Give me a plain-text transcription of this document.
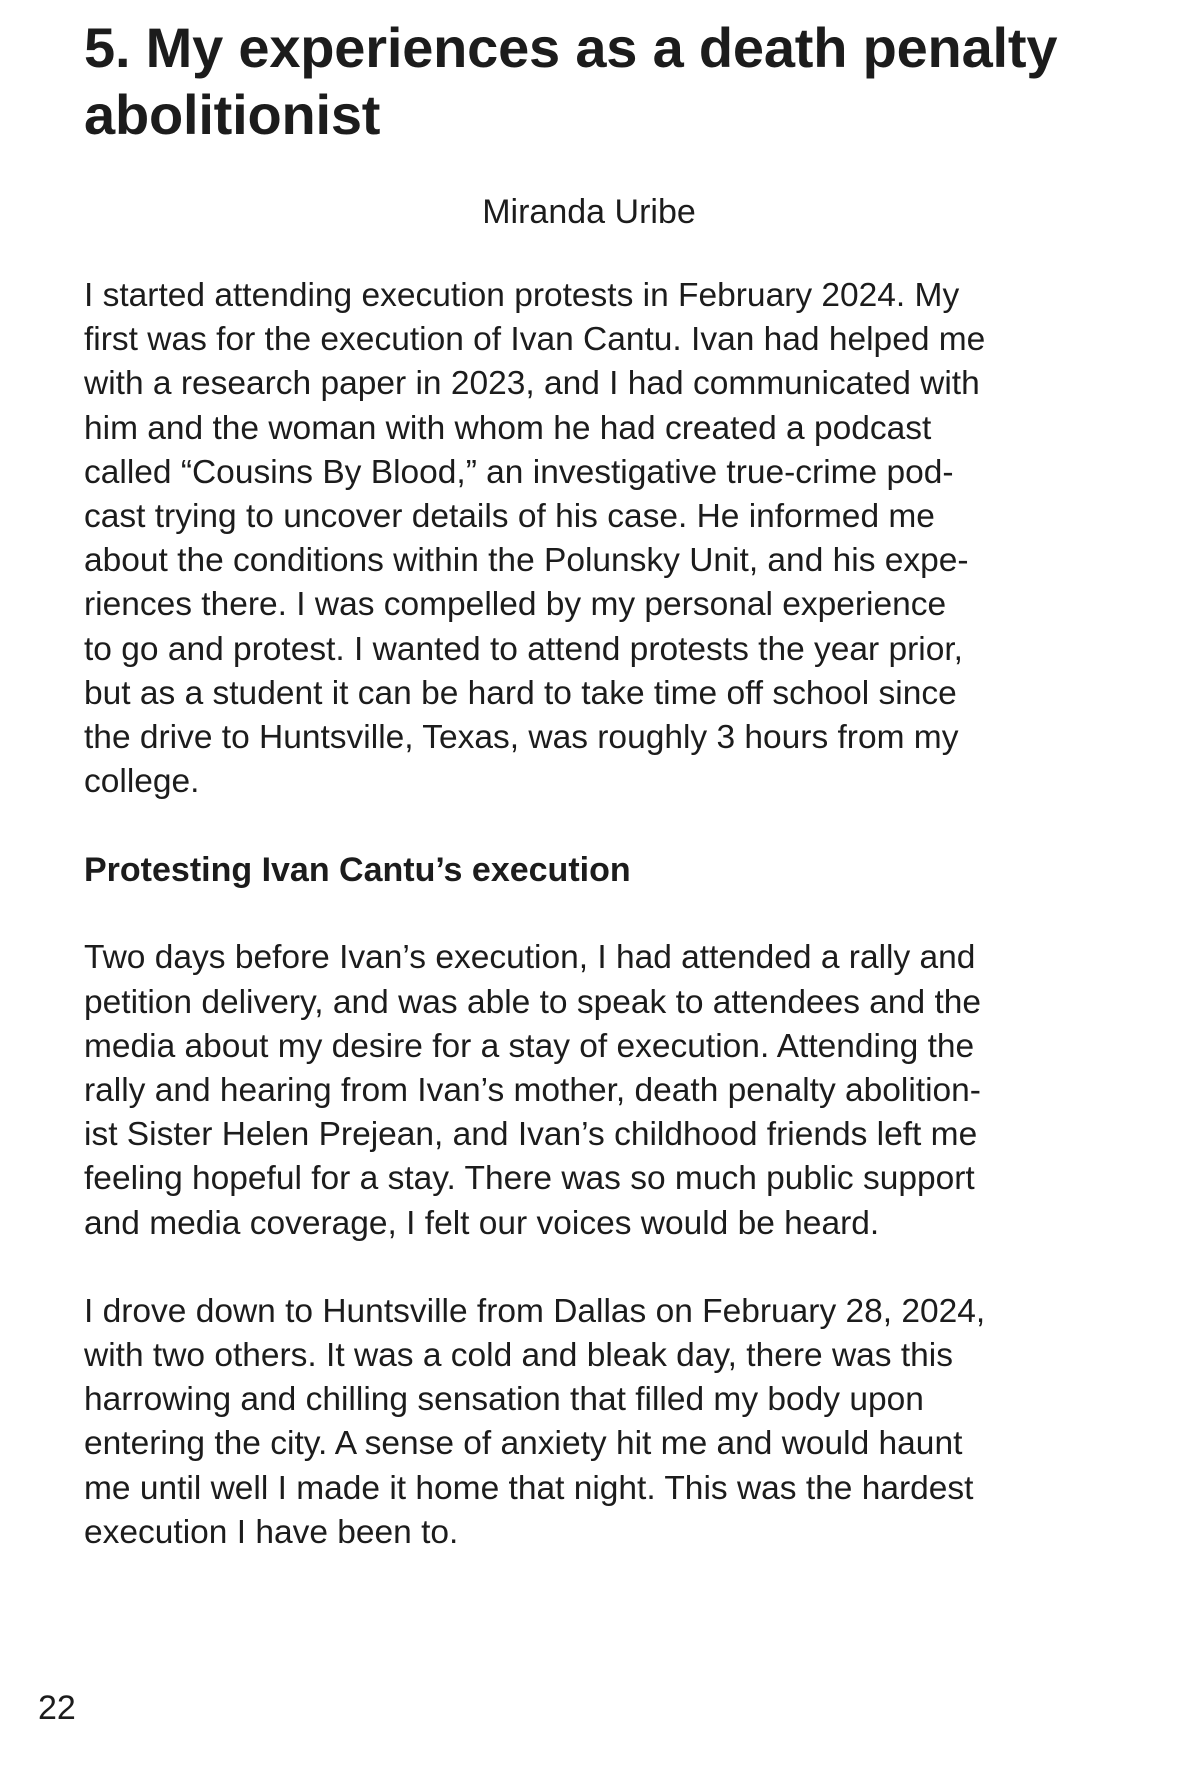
5. My experiences as a death penalty
abolitionist
Miranda Uribe

I started attending execution protests in February 2024. My
first was for the execution of Ivan Cantu. Ivan had helped me
with a research paper in 2023, and I had communicated with
him and the woman with whom he had created a podcast
called “Cousins By Blood,” an investigative true-crime pod-
cast trying to uncover details of his case. He informed me
about the conditions within the Polunsky Unit, and his expe-
riences there. I was compelled by my personal experience
to go and protest. I wanted to attend protests the year prior,
but as a student it can be hard to take time off school since
the drive to Huntsville, Texas, was roughly 3 hours from my
college.

Protesting Ivan Cantu’s execution

Two days before Ivan’s execution, I had attended a rally and
petition delivery, and was able to speak to attendees and the
media about my desire for a stay of execution. Attending the
rally and hearing from Ivan’s mother, death penalty abolition-
ist Sister Helen Prejean, and Ivan’s childhood friends left me
feeling hopeful for a stay. There was so much public support
and media coverage, I felt our voices would be heard.

I drove down to Huntsville from Dallas on February 28, 2024,
with two others. It was a cold and bleak day, there was this
harrowing and chilling sensation that filled my body upon
entering the city. A sense of anxiety hit me and would haunt
me until well I made it home that night. This was the hardest
execution I have been to.

22
